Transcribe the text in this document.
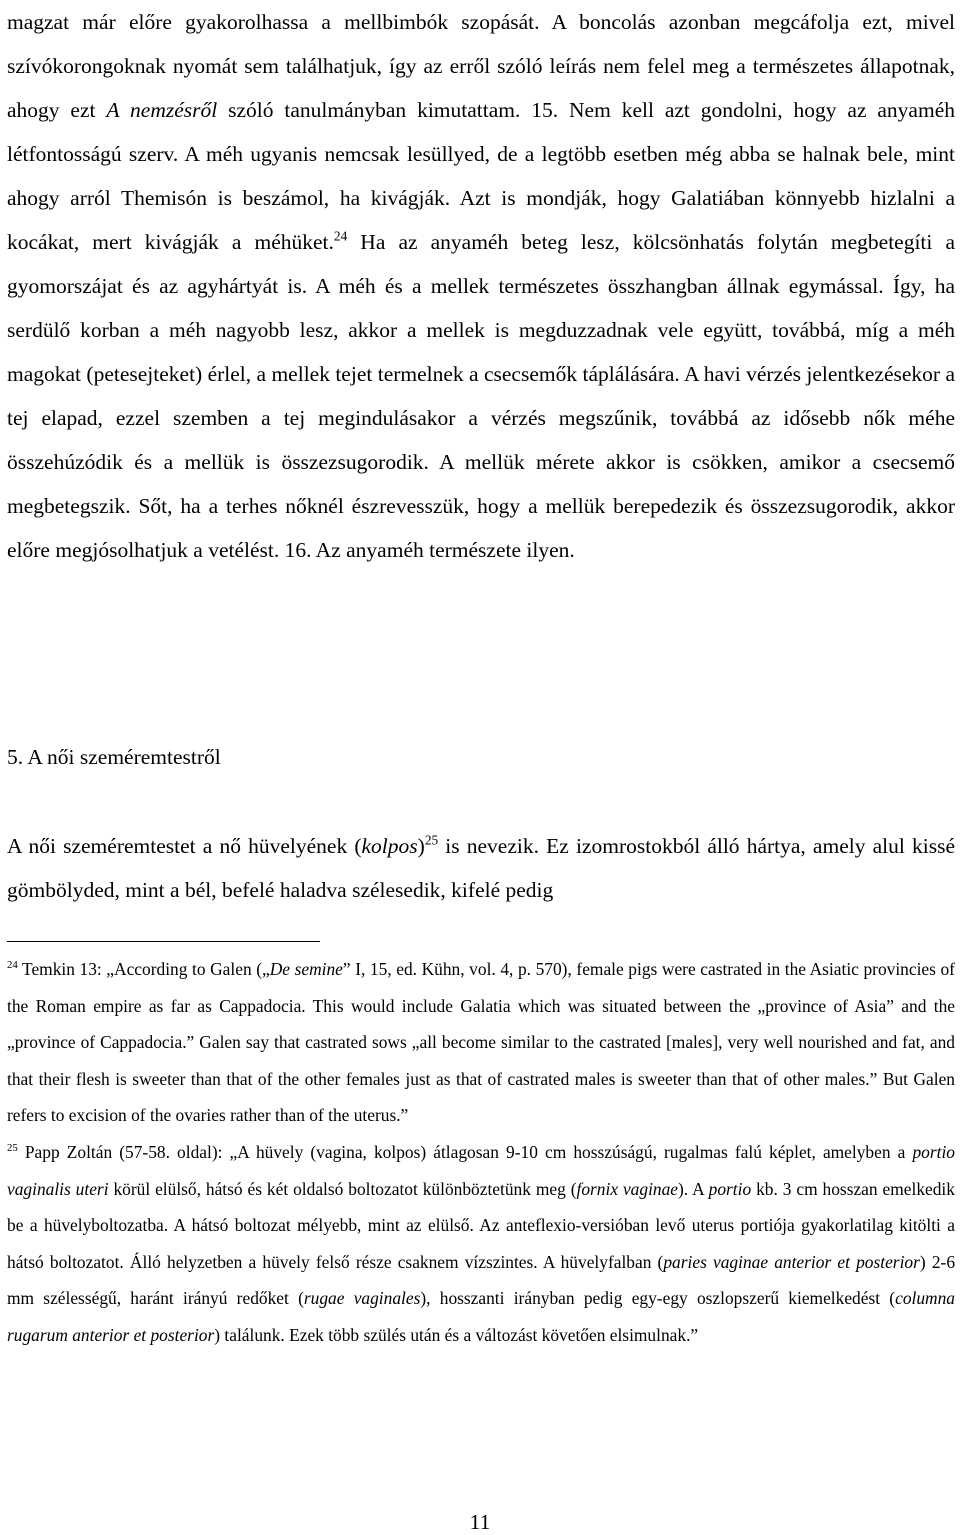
magzat már előre gyakorolhassa a mellbimbók szopását. A boncolás azonban megcáfolja ezt, mivel szívókorongoknak nyomát sem találhatjuk, így az erről szóló leírás nem felel meg a természetes állapotnak, ahogy ezt A nemzésről szóló tanulmányban kimutattam. 15. Nem kell azt gondolni, hogy az anyaméh létfontosságú szerv. A méh ugyanis nemcsak lesüllyed, de a legtöbb esetben még abba se halnak bele, mint ahogy arról Themisón is beszámol, ha kivágják. Azt is mondják, hogy Galatiában könnyebb hizlalni a kocákat, mert kivágják a méhüket.$^{24}$ Ha az anyaméh beteg lesz, kölcsönhatás folytán megbetegíti a gyomorszájat és az agyhártyát is. A méh és a mellek természetes összhangban állnak egymással. Így, ha serdülő korban a méh nagyobb lesz, akkor a mellek is megduzzadnak vele együtt, továbbá, míg a méh magokat (petesejteket) érlel, a mellek tejet termelnek a csecsemők táplálására. A havi vérzés jelentkezésekor a tej elapad, ezzel szemben a tej megindulásakor a vérzés megszűnik, továbbá az idősebb nők méhe összehúzódik és a mellük is összezsugorodik. A mellük mérete akkor is csökken, amikor a csecsemő megbetegszik. Sőt, ha a terhes nőknél észrevesszük, hogy a mellük berepedezik és összezsugorodik, akkor előre megjósolhatjuk a vetélést. 16. Az anyaméh természete ilyen.

5. A női szeméremtestről

A női szeméremtestet a nő hüvelyének (kolpos)$^{25}$ is nevezik. Ez izomrostokból álló hártya, amely alul kissé gömbölyded, mint a bél, befelé haladva szélesedik, kifelé pedig

$^{24}$ Temkin 13: „According to Galen („De semine” I, 15, ed. Kühn, vol. 4, p. 570), female pigs were castrated in the Asiatic provincies of the Roman empire as far as Cappadocia. This would include Galatia which was situated between the „province of Asia” and the „province of Cappadocia.” Galen say that castrated sows „all become similar to the castrated [males], very well nourished and fat, and that their flesh is sweeter than that of the other females just as that of castrated males is sweeter than that of other males.” But Galen refers to excision of the ovaries rather than of the uterus.”

$^{25}$ Papp Zoltán (57-58. oldal): „A hüvely (vagina, kolpos) átlagosan 9-10 cm hosszúságú, rugalmas falú képlet, amelyben a portio vaginalis uteri körül elülső, hátsó és két oldalsó boltozatot különböztetünk meg (fornix vaginae). A portio kb. 3 cm hosszan emelkedik be a hüvelyboltozatba. A hátsó boltozat mélyebb, mint az elülső. Az anteflexio-versióban levő uterus portiója gyakorlatilag kitölti a hátsó boltozatot. Álló helyzetben a hüvely felső része csaknem vízszintes. A hüvelyfalban (paries vaginae anterior et posterior) 2-6 mm szélességű, haránt irányú redőket (rugae vaginales), hosszanti irányban pedig egy-egy oszlopszerű kiemelkedést (columna rugarum anterior et posterior) találunk. Ezek több szülés után és a változást követően elsimulnak.”

11
